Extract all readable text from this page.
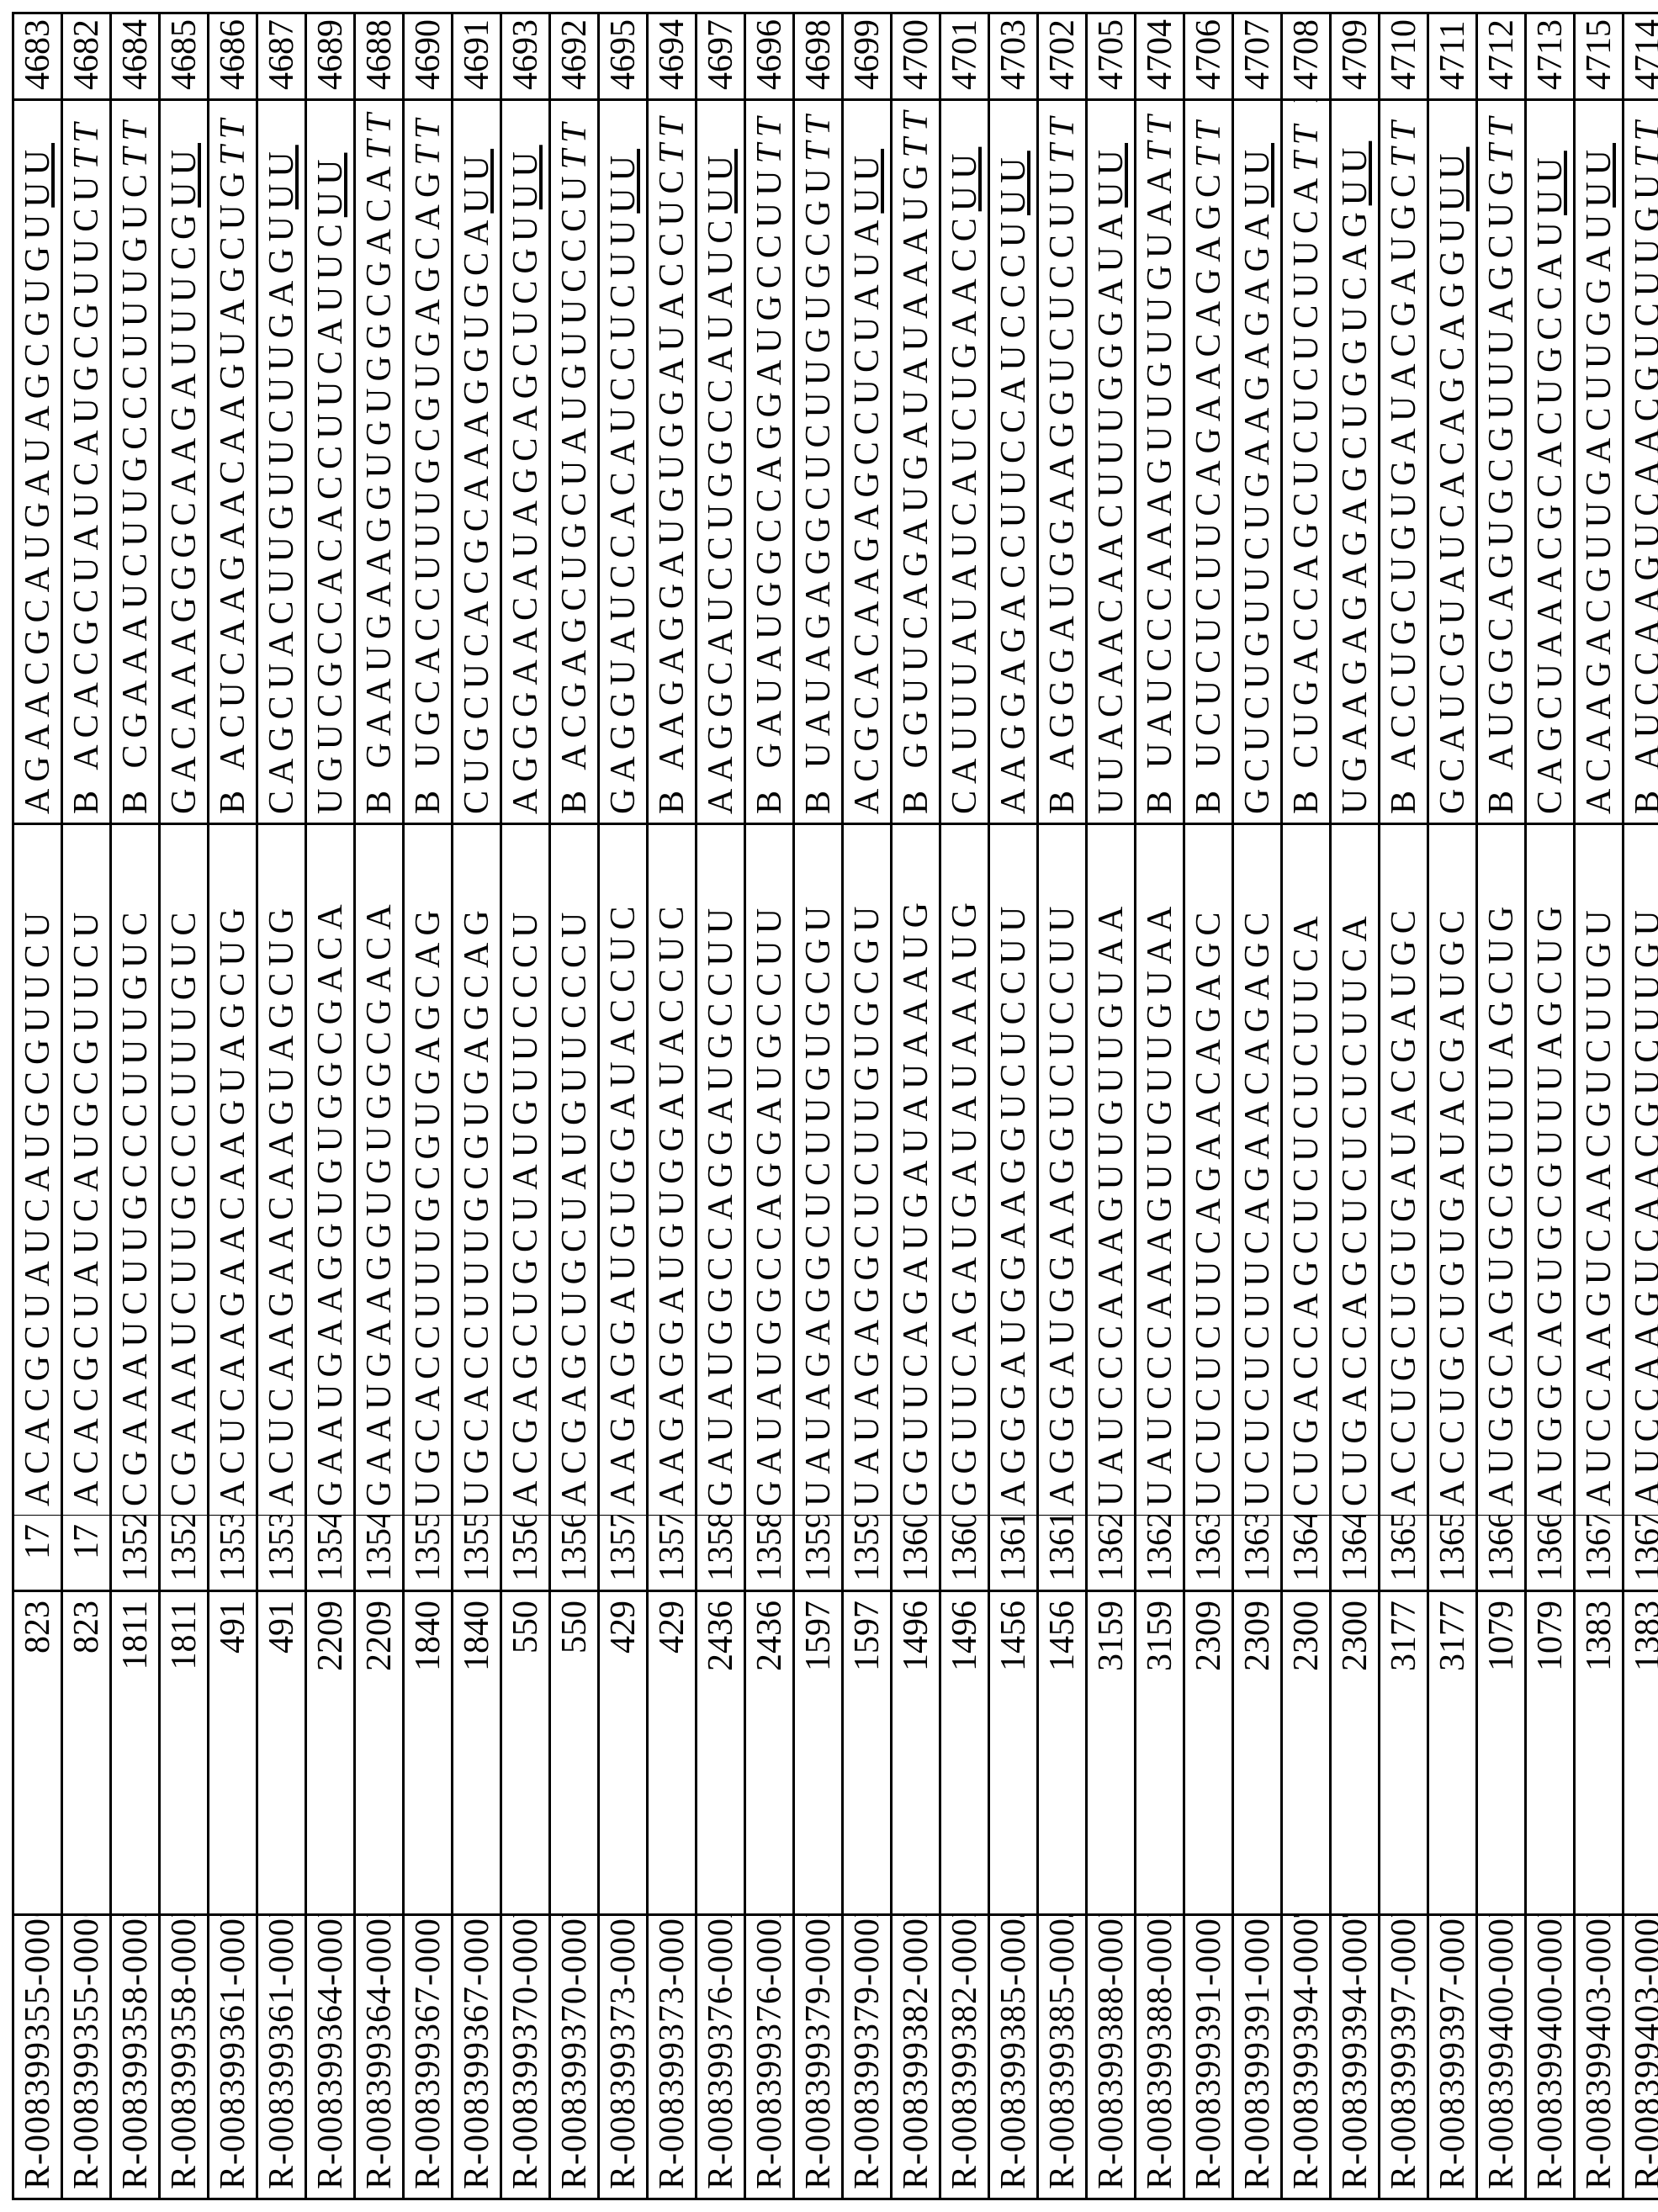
R-008399355-000G	823	17	ACACGCUAUCAUGCGUUCU	AGAACGCAUGAUAGCGUGUUU	4683
R-008399355-000G	823	17	ACACGCUAUCAUGCGUUCU	B ACACGCUAUCAUGCGUUCUTT	4682
R-008399358-000H	1811	1352	CGAAAUCUUGCCCUUUGUC	B CGAAAUCUUGCCCUUUGUCTT	4684
R-008399358-000H	1811	1352	CGAAAUCUUGCCCUUUGUC	GACAAAGGGCAAGAUUUCGUU	4685
R-008399361-000P	491	1353	ACUCAAGAACAAGUAGCUG	B ACUCAAGAACAAGUAGCUGTT	4686
R-008399361-000P	491	1353	ACUCAAGAACAAGUAGCUG	CAGCUACUUGUUCUUGAGUUU	4687
R-008399364-000R	2209	1354	GAAUGAAGGUGUGGCGACA	UGUCGCCACACCUUCAUUCUU	4689
R-008399364-000R	2209	1354	GAAUGAAGGUGUGGCGACA	B GAAUGAAGGUGUGGCGACATT	4688
R-008399367-000S	1840	1355	UGCACCUUUGCGUGAGCAG	B UGCACCUUUGCGUGAGCAGTT	4690
R-008399367-000S	1840	1355	UGCACCUUUGCGUGAGCAG	CUGCUCACGCAAAGGUGCAUU	4691
R-008399370-000Y	550	1356	ACGAGCUGCUAUGUUCCCU	AGGGAACAUAGCAGCUCGUUU	4693
R-008399370-000Y	550	1356	ACGAGCUGCUAUGUUCCCU	B ACGAGCUGCUAUGUUCCCUTT	4692
R-008399373-000Z	429	1357	AAGAGGAUGUGGAUACCUC	GAGGUAUCCACAUCCUCUUUU	4695
R-008399373-000Z	429	1357	AAGAGGAUGUGGAUACCUC	B AAGAGGAUGUGGAUACCUCTT	4694
R-008399376-000A	2436	1358	GAUAUGGCCAGGAUGCCUU	AAGGCAUCCUGGCCAUAUCUU	4697
R-008399376-000A	2436	1358	GAUAUGGCCAGGAUGCCUU	B GAUAUGGCCAGGAUGCCUUTT	4696
R-008399379-000B	1597	1359	UAUAGAGGCUCUUGUGCGU	B UAUAGAGGCUCUUGUGCGUTT	4698
R-008399379-000B	1597	1359	UAUAGAGGCUCUUGUGCGU	ACGCACAAGAGCCUCUAUAUU	4699
R-008399382-000H	1496	1360	GGUUCAGAUGAUAUAAAUG	B GGUUCAGAUGAUAUAAAUGTT	4700
R-008399382-000H	1496	1360	GGUUCAGAUGAUAUAAAUG	CAUUUAUAUCAUCUGAACCUU	4701
R-008399385-000J	1456	1361	AGGGAUGGAAGGUCUCCUU	AAGGAGACCUUCCAUCCCUUU	4703
R-008399385-000J	1456	1361	AGGGAUGGAAGGUCUCCUU	B AGGGAUGGAAGGUCUCCUUTT	4702
R-008399388-000K	3159	1362	UAUCCCAAAGUUGUUGUAA	UUACAACAACUUUGGGAUAUU	4705
R-008399388-000K	3159	1362	UAUCCCAAAGUUGUUGUAA	B UAUCCCAAAGUUGUUGUAATT	4704
R-008399391-000S	2309	1363	UCUCUCUUCAGAACAGAGC	B UCUCUCUUCAGAACAGAGCTT	4706
R-008399391-000S	2309	1363	UCUCUCUUCAGAACAGAGC	GCUCUGUUCUGAAGAGAGAUU	4707
R-008399394-000T	2300	1364	CUGACCAGCUCUCUCUUCA	B CUGACCAGCUCUCUCUUCATT	4708
R-008399394-000T	2300	1364	CUGACCAGCUCUCUCUUCA	UGAAGAGAGAGCUGGUCAGUU	4709
R-008399397-000U	3177	1365	ACCUGCUGUGAUACGAUGC	B ACCUGCUGUGAUACGAUGCTT	4710
R-008399397-000U	3177	1365	ACCUGCUGUGAUACGAUGC	GCAUCGUAUCACAGCAGGUUU	4711
R-008399400-000L	1079	1366	AUGGCAGUGCGUUUAGCUG	B AUGGCAGUGCGUUUAGCUGTT	4712
R-008399400-000L	1079	1366	AUGGCAGUGCGUUUAGCUG	CAGCUAAACGCACUGCCAUUU	4713
R-008399403-000M	1383	1367	AUCCAAGUCAACGUCUUGU	ACAAGACGUUGACUUGGAUUU	4715
R-008399403-000M	1383	1367	AUCCAAGUCAACGUCUUGU	AUCCAAGUCAACGUCUUGUTT	4714
